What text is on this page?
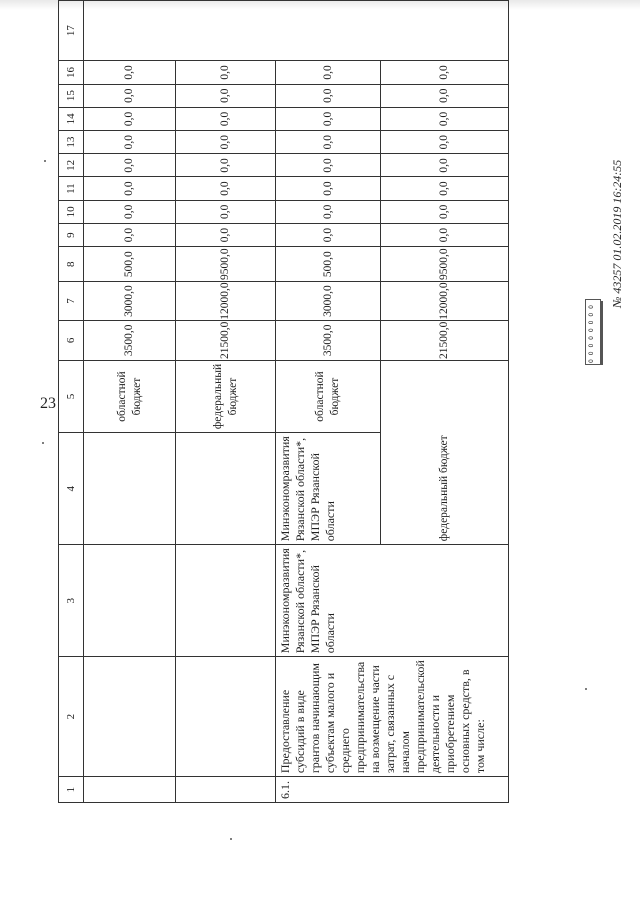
23
1	2	3	4	5	6	7	8	9	10	11	12	13	14	15	16	17
				областной бюджет	3500,0	3000,0	500,0	0,0	0,0	0,0	0,0	0,0	0,0	0,0	0,0	
				федеральный бюджет	21500,0	12000,0	9500,0	0,0	0,0	0,0	0,0	0,0	0,0	0,0	0,0	
6.1.	Предоставление субсидий в виде грантов начинающим субъектам малого и среднего предпринимательства на возмещение части затрат, связанных с началом предпринимательской деятельности и приобретением основных средств, в том числе:	Минэкономразвития Рязанской области*, МПЭР Рязанской области	Минэкономразвития Рязанской области*, МПЭР Рязанской области	областной бюджет	3500,0	3000,0	500,0	0,0	0,0	0,0	0,0	0,0	0,0	0,0	0,0	
			федеральный бюджет		21500,0	12000,0	9500,0	0,0	0,0	0,0	0,0	0,0	0,0	0,0	0,0	
0 0 0 0 0 0 0 0
№ 43257 01.02.2019 16:24:55
